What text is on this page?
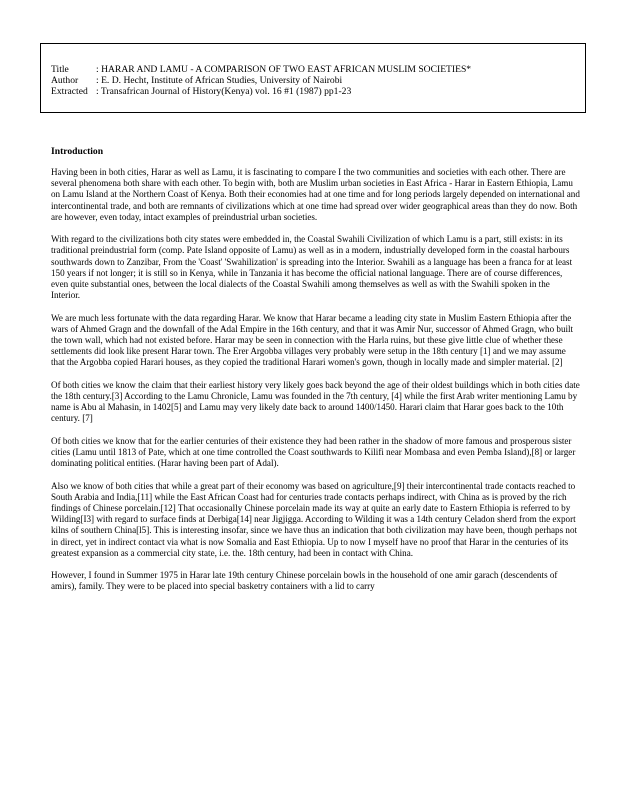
Title	: HARAR AND LAMU - A COMPARISON OF TWO EAST AFRICAN MUSLIM SOCIETIES*
Author	: E. D. Hecht, Institute of African Studies, University of Nairobi
Extracted : Transafrican Journal of History(Kenya) vol. 16 #1 (1987) pp1-23
Introduction

Having been in both cities, Harar as well as Lamu, it is fascinating to compare I the two communities and societies with each other. There are several phenomena both share with each other. To begin with, both are Muslim urban societies in East Africa - Harar in Eastern Ethiopia, Lamu on Lamu Island at the Northern Coast of Kenya. Both their economies had at one time and for long periods largely depended on international and intercontinental trade, and both are remnants of civilizations which at one time had spread over wider geographical areas than they do now. Both are however, even today, intact examples of preindustrial urban societies.

With regard to the civilizations both city states were embedded in, the Coastal Swahili Civilization of which Lamu is a part, still exists: in its traditional preindustrial form (comp. Pate Island opposite of Lamu) as well as in a modern, industrially developed form in the coastal harbours southwards down to Zanzibar, From the 'Coast' 'Swahilization' is spreading into the Interior. Swahili as a language has been a franca for at least 150 years if not longer; it is still so in Kenya, while in Tanzania it has become the official national language. There are of course differences, even quite substantial ones, between the local dialects of the Coastal Swahili among themselves as well as with the Swahili spoken in the Interior.

We are much less fortunate with the data regarding Harar. We know that Harar became a leading city state in Muslim Eastern Ethiopia after the wars of Ahmed Gragn and the downfall of the Adal Empire in the 16th century, and that it was Amir Nur, successor of Ahmed Gragn, who built the town wall, which had not existed before. Harar may be seen in connection with the Harla ruins, but these give little clue of whether these settlements did look like present Harar town. The Erer Argobba villages very probably were setup in the 18th century [1] and we may assume that the Argobba copied Harari houses, as they copied the traditional Harari women's gown, though in locally made and simpler material. [2]

Of both cities we know the claim that their earliest history very likely goes back beyond the age of their oldest buildings which in both cities date the 18th century.[3] According to the Lamu Chronicle, Lamu was founded in the 7th century, [4] while the first Arab writer mentioning Lamu by name is Abu al Mahasin, in 1402[5] and Lamu may very likely date back to around 1400/1450. Harari claim that Harar goes back to the 10th century. [7]

Of both cities we know that for the earlier centuries of their existence they had been rather in the shadow of more famous and prosperous sister cities (Lamu until 1813 of Pate, which at one time controlled the Coast southwards to Kilifi near Mombasa and even Pemba Island),[8] or larger dominating political entities. (Harar having been part of Adal).

Also we know of both cities that while a great part of their economy was based on agriculture,[9] their intercontinental trade contacts reached to South Arabia and India,[11] while the East African Coast had for centuries trade contacts perhaps indirect, with China as is proved by the rich findings of Chinese porcelain.[12] That occasionally Chinese porcelain made its way at quite an early date to Eastern Ethiopia is referred to by Wilding[I3] with regard to surface finds at Derbiga[14] near Jigjigga. According to Wilding it was a 14th century Celadon sherd from the export kilns of southern China[l5]. This is interesting insofar, since we have thus an indication that both civilization may have been, though perhaps not in direct, yet in indirect contact via what is now Somalia and East Ethiopia. Up to now I myself have no proof that Harar in the centuries of its greatest expansion as a commercial city state, i.e. the. 18th century, had been in contact with China.

However, I found in Summer 1975 in Harar late 19th century Chinese porcelain bowls in the household of one amir garach (descendents of amirs), family. They were to be placed into special basketry containers with a lid to carry
